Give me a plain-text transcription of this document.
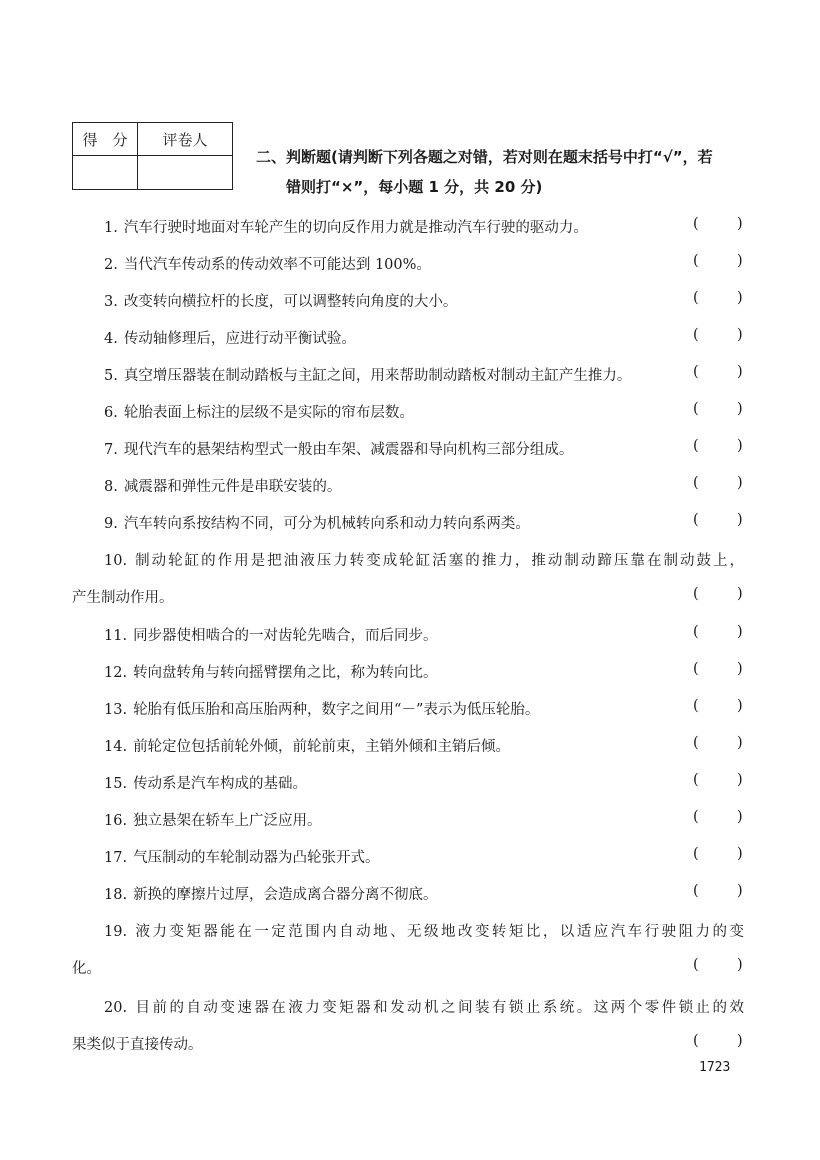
得　分	评卷人

二、判断题(请判断下列各题之对错，若对则在题末括号中打“√”，若
错则打“×”，每小题 1 分，共 20 分)
1. 汽车行驶时地面对车轮产生的切向反作用力就是推动汽车行驶的驱动力。	(	)
2. 当代汽车传动系的传动效率不可能达到 100%。	(	)
3. 改变转向横拉杆的长度，可以调整转向角度的大小。	(	)
4. 传动轴修理后，应进行动平衡试验。	(	)
5. 真空增压器装在制动踏板与主缸之间，用来帮助制动踏板对制动主缸产生推力。	(	)
6. 轮胎表面上标注的层级不是实际的帘布层数。	(	)
7. 现代汽车的悬架结构型式一般由车架、减震器和导向机构三部分组成。	(	)
8. 减震器和弹性元件是串联安装的。	(	)
9. 汽车转向系按结构不同，可分为机械转向系和动力转向系两类。	(	)
10. 制动轮缸的作用是把油液压力转变成轮缸活塞的推力，推动制动蹄压靠在制动鼓上，
产生制动作用。	(	)
11. 同步器使相啮合的一对齿轮先啮合，而后同步。	(	)
12. 转向盘转角与转向摇臂摆角之比，称为转向比。	(	)
13. 轮胎有低压胎和高压胎两种，数字之间用“－”表示为低压轮胎。	(	)
14. 前轮定位包括前轮外倾，前轮前束，主销外倾和主销后倾。	(	)
15. 传动系是汽车构成的基础。	(	)
16. 独立悬架在轿车上广泛应用。	(	)
17. 气压制动的车轮制动器为凸轮张开式。	(	)
18. 新换的摩擦片过厚，会造成离合器分离不彻底。	(	)
19. 液力变矩器能在一定范围内自动地、无级地改变转矩比，以适应汽车行驶阻力的变
化。	(	)
20. 目前的自动变速器在液力变矩器和发动机之间装有锁止系统。这两个零件锁止的效
果类似于直接传动。	(	)
1723
